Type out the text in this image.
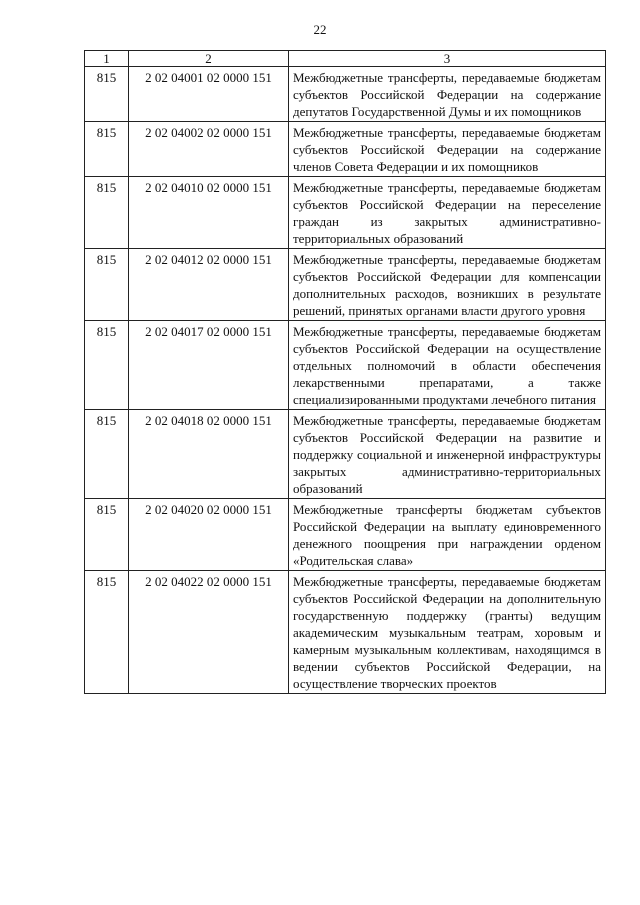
22
1	2	3
815	2 02 04001 02 0000 151	Межбюджетные трансферты, передаваемые бюджетам субъектов Российской Федерации на содержание депутатов Государственной Думы и их помощников
815	2 02 04002 02 0000 151	Межбюджетные трансферты, передаваемые бюджетам субъектов Российской Федерации на содержание членов Совета Федерации и их помощников
815	2 02 04010 02 0000 151	Межбюджетные трансферты, передаваемые бюджетам субъектов Российской Федерации на переселение граждан из закрытых административно-территориальных образований
815	2 02 04012 02 0000 151	Межбюджетные трансферты, передаваемые бюджетам субъектов Российской Федерации для компенсации дополнительных расходов, возникших в результате решений, принятых органами власти другого уровня
815	2 02 04017 02 0000 151	Межбюджетные трансферты, передаваемые бюджетам субъектов Российской Федерации на осуществление отдельных полномочий в области обеспечения лекарственными препаратами, а также специализированными продуктами лечебного питания
815	2 02 04018 02 0000 151	Межбюджетные трансферты, передаваемые бюджетам субъектов Российской Федерации на развитие и поддержку социальной и инженерной инфраструктуры закрытых административно-территориальных образований
815	2 02 04020 02 0000 151	Межбюджетные трансферты бюджетам субъектов Российской Федерации на выплату единовременного денежного поощрения при награждении орденом «Родительская слава»
815	2 02 04022 02 0000 151	Межбюджетные трансферты, передаваемые бюджетам субъектов Российской Федерации на дополнительную государственную поддержку (гранты) ведущим академическим музыкальным театрам, хоровым и камерным музыкальным коллективам, находящимся в ведении субъектов Российской Федерации, на осуществление творческих проектов
